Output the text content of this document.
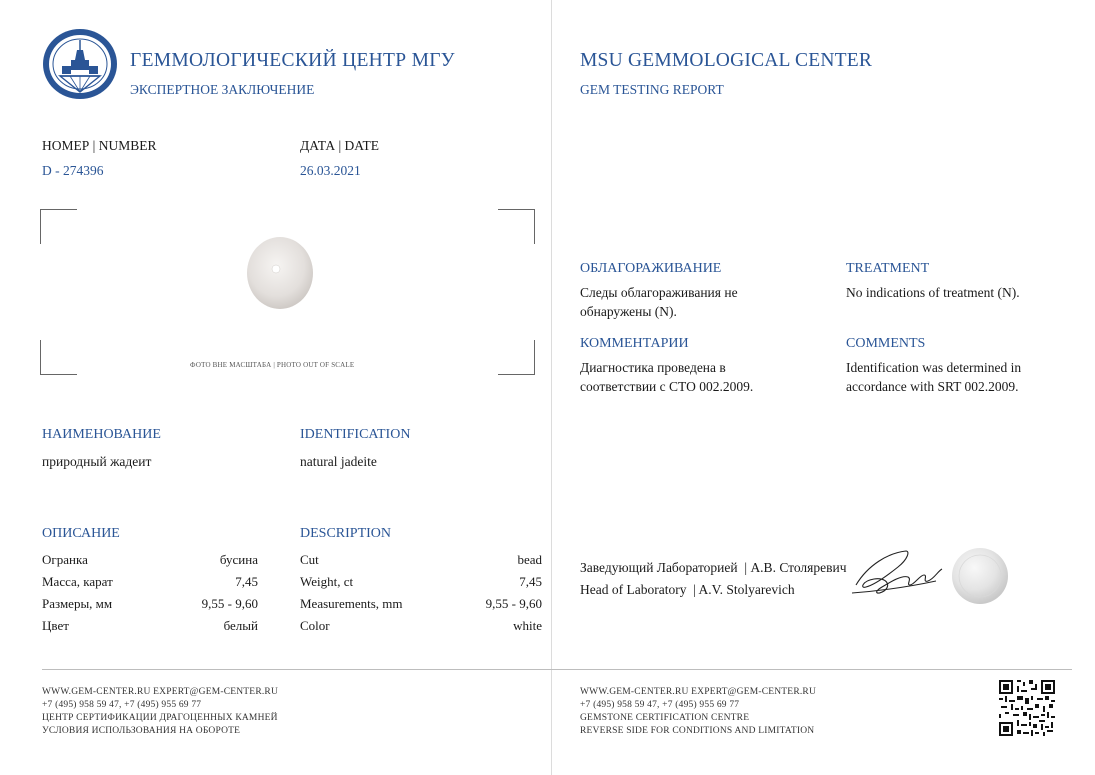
ГЕММОЛОГИЧЕСКИЙ ЦЕНТР МГУ
ЭКСПЕРТНОЕ ЗАКЛЮЧЕНИЕ
MSU GEMMOLOGICAL CENTER
GEM TESTING REPORT
НОМЕР | NUMBER
D - 274396
ДАТА | DATE
26.03.2021
ФОТО ВНЕ МАСШТАБА | PHOTO OUT OF SCALE
НАИМЕНОВАНИЕ
природный жадеит
IDENTIFICATION
natural jadeite
ОПИСАНИЕ	DESCRIPTION
Огранка	бусина	Cut	bead
Масса, карат	7,45	Weight, ct	7,45
Размеры, мм	9,55 - 9,60	Measurements, mm	9,55 - 9,60
Цвет	белый	Color	white
ОБЛАГОРАЖИВАНИЕ
Следы облагораживания не
обнаружены (N).
TREATMENT
No indications of treatment (N).
КОММЕНТАРИИ
Диагностика проведена в
соответствии с СТО 002.2009.
COMMENTS
Identification was determined in
accordance with SRT 002.2009.
Заведующий Лабораторией  | А.В. Столяревич
Head of Laboratory  | A.V. Stolyarevich
WWW.GEM-CENTER.RU EXPERT@GEM-CENTER.RU
+7 (495) 958 59 47, +7 (495) 955 69 77
ЦЕНТР СЕРТИФИКАЦИИ ДРАГОЦЕННЫХ КАМНЕЙ
УСЛОВИЯ ИСПОЛЬЗОВАНИЯ НА ОБОРОТЕ
WWW.GEM-CENTER.RU EXPERT@GEM-CENTER.RU
+7 (495) 958 59 47, +7 (495) 955 69 77
GEMSTONE CERTIFICATION CENTRE
REVERSE SIDE FOR CONDITIONS AND LIMITATION
